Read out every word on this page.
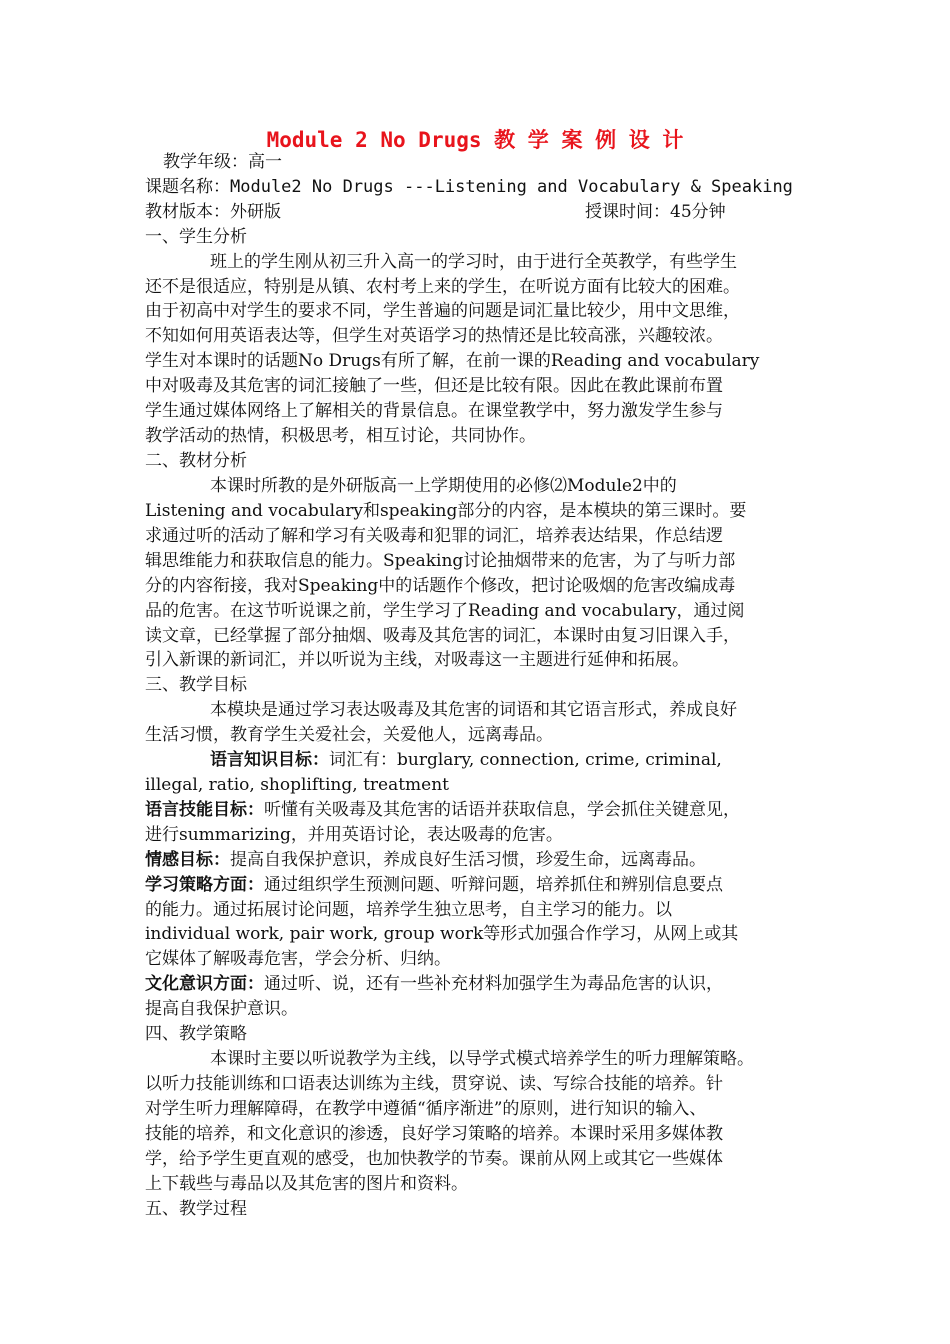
Module 2 No Drugs 教 学 案 例 设 计
教学年级：高一
课题名称：Module2 No Drugs ---Listening and Vocabulary & Speaking
教材版本：外研版	授课时间：45分钟
一、学生分析
班上的学生刚从初三升入高一的学习时，由于进行全英教学，有些学生
还不是很适应，特别是从镇、农村考上来的学生，在听说方面有比较大的困难。
由于初高中对学生的要求不同，学生普遍的问题是词汇量比较少，用中文思维，
不知如何用英语表达等，但学生对英语学习的热情还是比较高涨，兴趣较浓。
学生对本课时的话题No Drugs有所了解，在前一课的Reading and vocabulary
中对吸毒及其危害的词汇接触了一些，但还是比较有限。因此在教此课前布置
学生通过媒体网络上了解相关的背景信息。在课堂教学中，努力激发学生参与
教学活动的热情，积极思考，相互讨论，共同协作。
二、教材分析
本课时所教的是外研版高一上学期使用的必修⑵Module2中的
Listening and vocabulary和speaking部分的内容，是本模块的第三课时。要
求通过听的活动了解和学习有关吸毒和犯罪的词汇，培养表达结果，作总结逻
辑思维能力和获取信息的能力。Speaking讨论抽烟带来的危害，为了与听力部
分的内容衔接，我对Speaking中的话题作个修改，把讨论吸烟的危害改编成毒
品的危害。在这节听说课之前，学生学习了Reading and vocabulary，通过阅
读文章，已经掌握了部分抽烟、吸毒及其危害的词汇，本课时由复习旧课入手，
引入新课的新词汇，并以听说为主线，对吸毒这一主题进行延伸和拓展。
三、教学目标
本模块是通过学习表达吸毒及其危害的词语和其它语言形式，养成良好
生活习惯，教育学生关爱社会，关爱他人，远离毒品。
语言知识目标：词汇有：burglary, connection, crime, criminal,
illegal, ratio, shoplifting, treatment
语言技能目标：听懂有关吸毒及其危害的话语并获取信息，学会抓住关键意见，
进行summarizing，并用英语讨论，表达吸毒的危害。
情感目标：提高自我保护意识，养成良好生活习惯，珍爱生命，远离毒品。
学习策略方面：通过组织学生预测问题、听辩问题，培养抓住和辨别信息要点
的能力。通过拓展讨论问题，培养学生独立思考，自主学习的能力。以
individual work, pair work, group work等形式加强合作学习，从网上或其
它媒体了解吸毒危害，学会分析、归纳。
文化意识方面：通过听、说，还有一些补充材料加强学生为毒品危害的认识，
提高自我保护意识。
四、教学策略
本课时主要以听说教学为主线，以导学式模式培养学生的听力理解策略。
以听力技能训练和口语表达训练为主线，贯穿说、读、写综合技能的培养。针
对学生听力理解障碍，在教学中遵循“循序渐进”的原则，进行知识的输入、
技能的培养，和文化意识的渗透，良好学习策略的培养。本课时采用多媒体教
学，给予学生更直观的感受，也加快教学的节奏。课前从网上或其它一些媒体
上下载些与毒品以及其危害的图片和资料。
五、教学过程
